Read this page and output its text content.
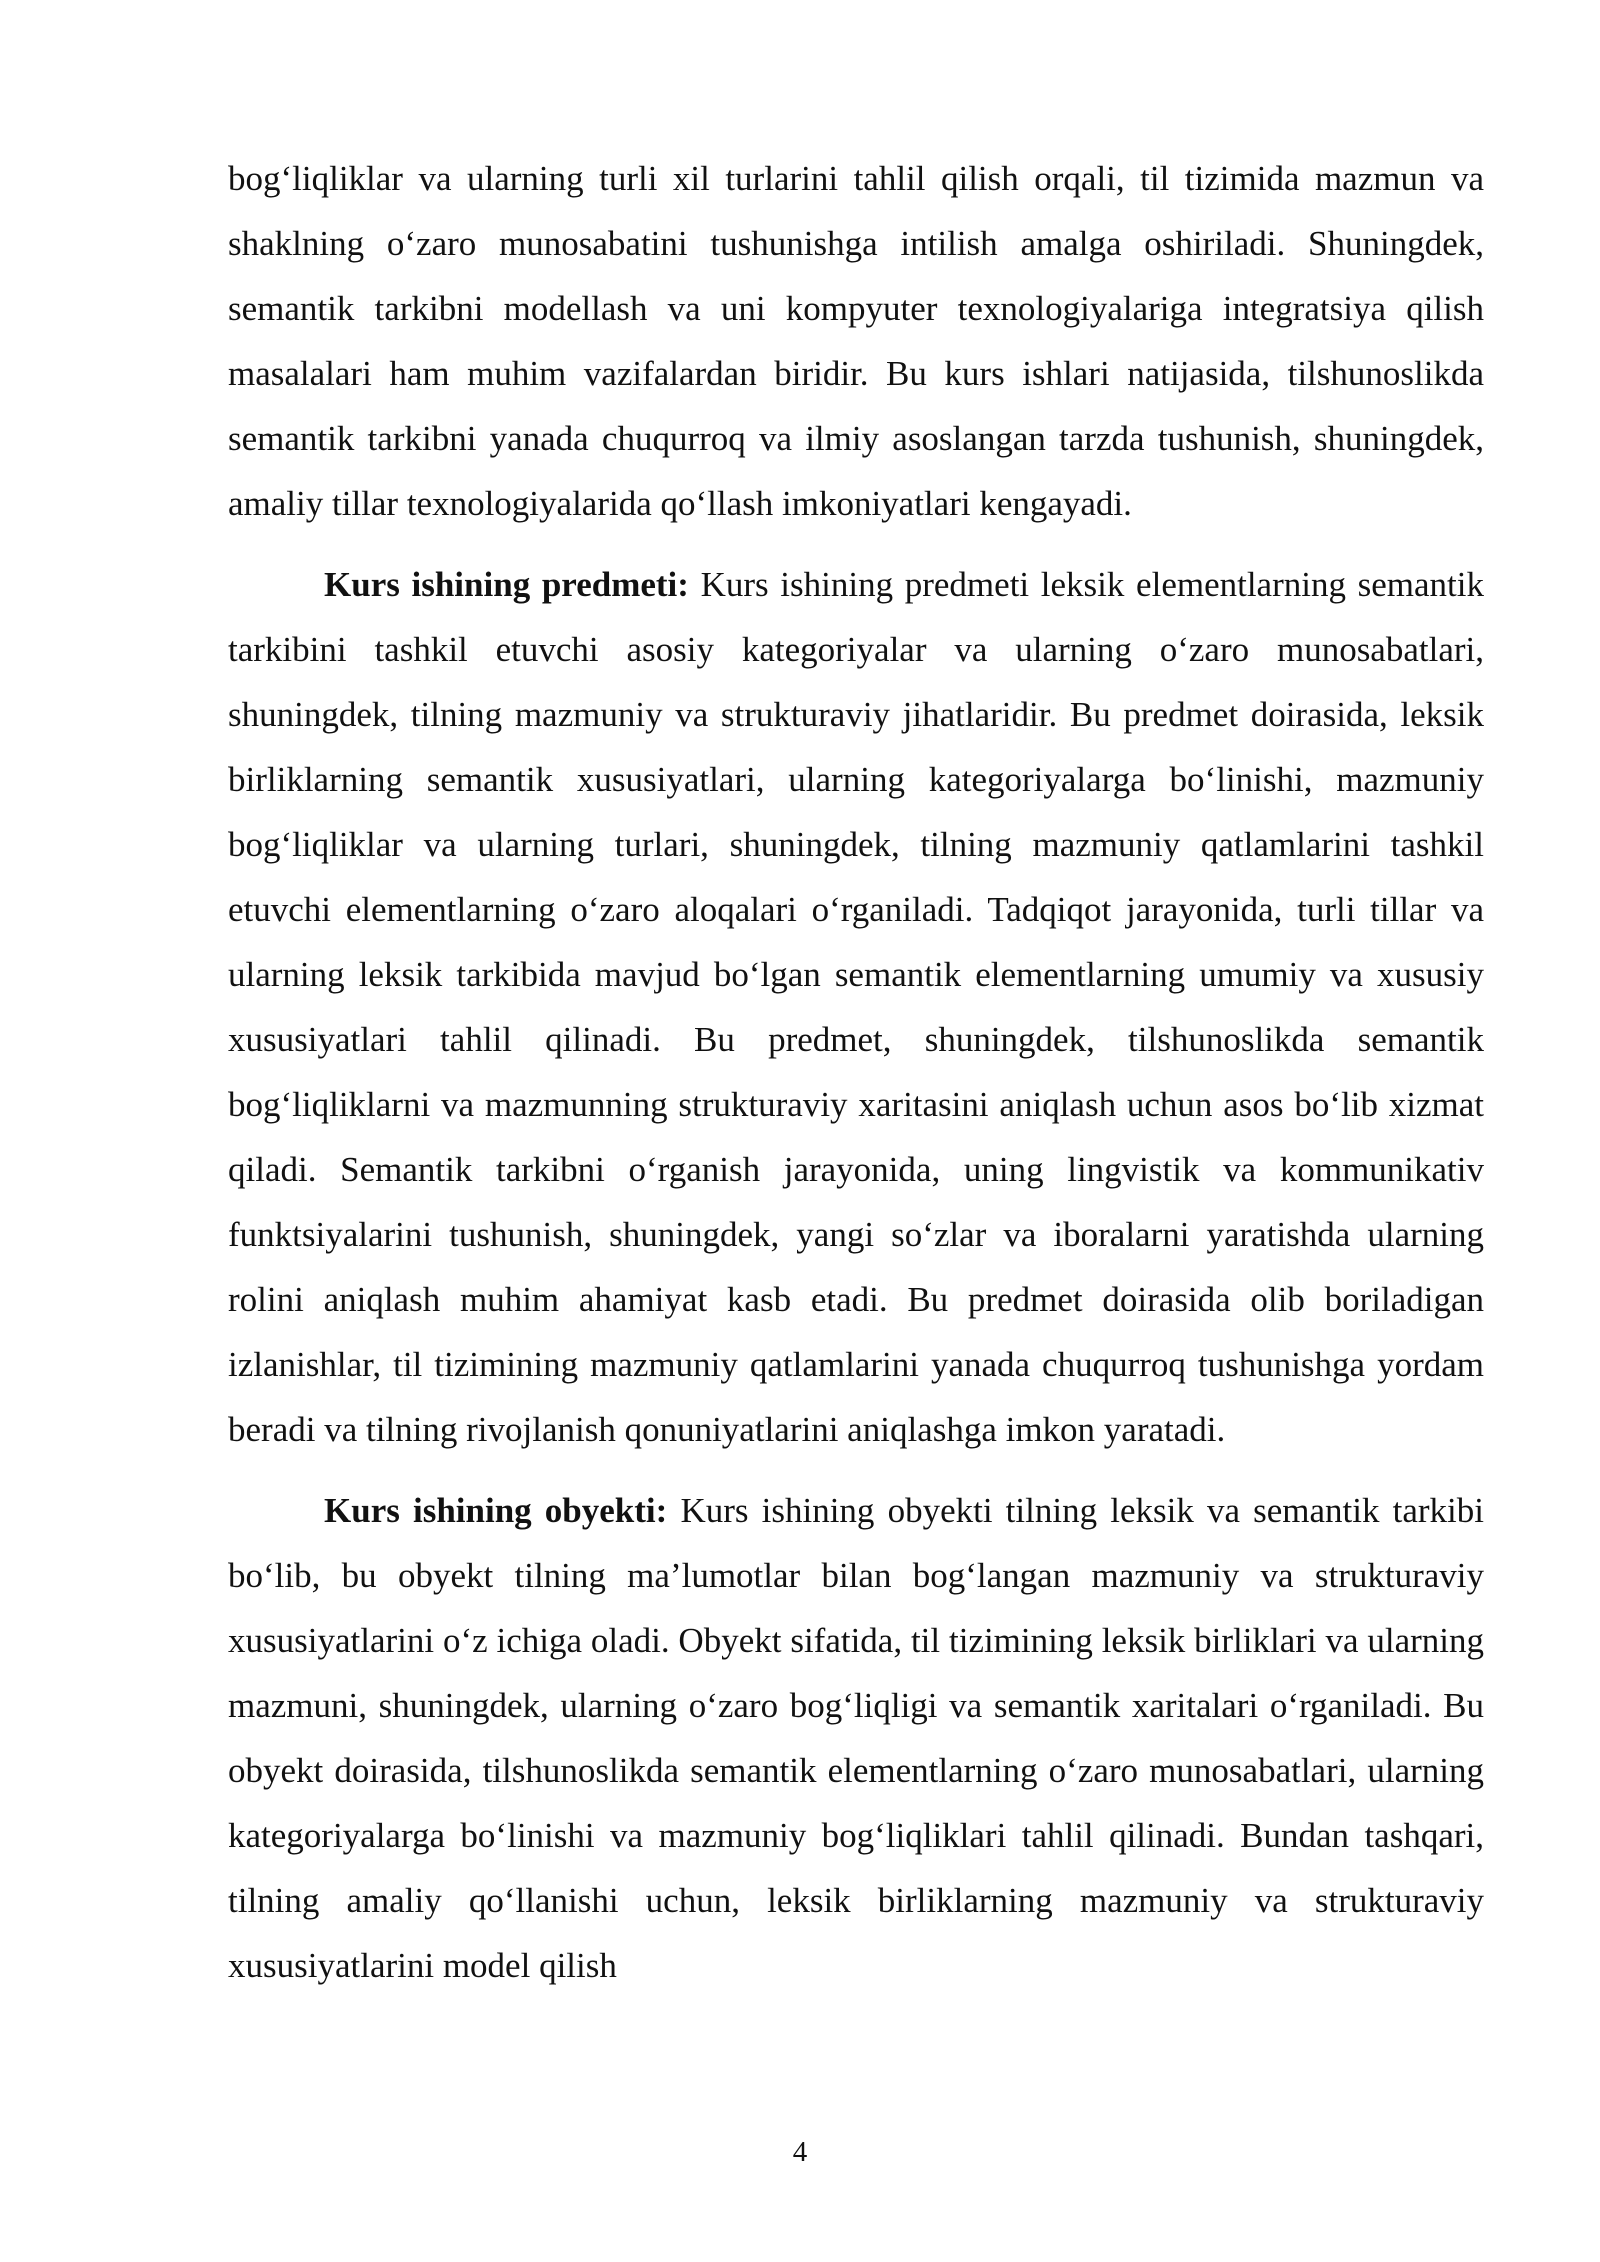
bog‘liqliklar va ularning turli xil turlarini tahlil qilish orqali, til tizimida mazmun va shaklning o‘zaro munosabatini tushunishga intilish amalga oshiriladi. Shuningdek, semantik tarkibni modellash va uni kompyuter texnologiyalariga integratsiya qilish masalalari ham muhim vazifalardan biridir. Bu kurs ishlari natijasida, tilshunoslikda semantik tarkibni yanada chuqurroq va ilmiy asoslangan tarzda tushunish, shuningdek, amaliy tillar texnologiyalarida qo‘llash imkoniyatlari kengayadi.

Kurs ishining predmeti: Kurs ishining predmeti leksik elementlarning semantik tarkibini tashkil etuvchi asosiy kategoriyalar va ularning o‘zaro munosabatlari, shuningdek, tilning mazmuniy va strukturaviy jihatlaridir. Bu predmet doirasida, leksik birliklarning semantik xususiyatlari, ularning kategoriyalarga bo‘linishi, mazmuniy bog‘liqliklar va ularning turlari, shuningdek, tilning mazmuniy qatlamlarini tashkil etuvchi elementlarning o‘zaro aloqalari o‘rganiladi. Tadqiqot jarayonida, turli tillar va ularning leksik tarkibida mavjud bo‘lgan semantik elementlarning umumiy va xususiy xususiyatlari tahlil qilinadi. Bu predmet, shuningdek, tilshunoslikda semantik bog‘liqliklarni va mazmunning strukturaviy xaritasini aniqlash uchun asos bo‘lib xizmat qiladi. Semantik tarkibni o‘rganish jarayonida, uning lingvistik va kommunikativ funktsiyalarini tushunish, shuningdek, yangi so‘zlar va iboralarni yaratishda ularning rolini aniqlash muhim ahamiyat kasb etadi. Bu predmet doirasida olib boriladigan izlanishlar, til tizimining mazmuniy qatlamlarini yanada chuqurroq tushunishga yordam beradi va tilning rivojlanish qonuniyatlarini aniqlashga imkon yaratadi.

Kurs ishining obyekti: Kurs ishining obyekti tilning leksik va semantik tarkibi bo‘lib, bu obyekt tilning ma’lumotlar bilan bog‘langan mazmuniy va strukturaviy xususiyatlarini o‘z ichiga oladi. Obyekt sifatida, til tizimining leksik birliklari va ularning mazmuni, shuningdek, ularning o‘zaro bog‘liqligi va semantik xaritalari o‘rganiladi. Bu obyekt doirasida, tilshunoslikda semantik elementlarning o‘zaro munosabatlari, ularning kategoriyalarga bo‘linishi va mazmuniy bog‘liqliklari tahlil qilinadi. Bundan tashqari, tilning amaliy qo‘llanishi uchun, leksik birliklarning mazmuniy va strukturaviy xususiyatlarini model qilish

4
